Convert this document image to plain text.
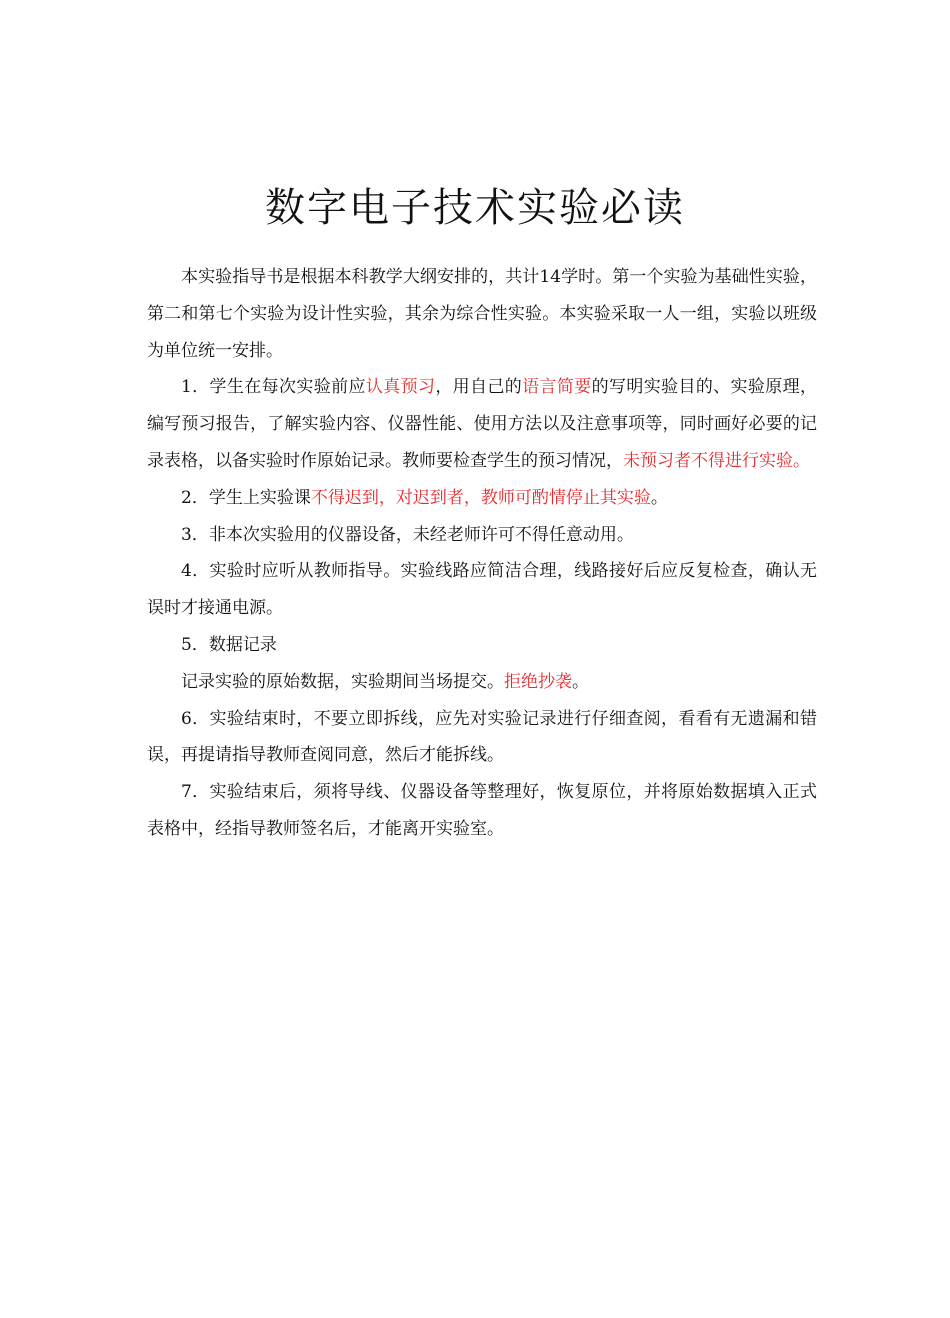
数字电子技术实验必读

本实验指导书是根据本科教学大纲安排的，共计14学时。第一个实验为基础性实验，第二和第七个实验为设计性实验，其余为综合性实验。本实验采取一人一组，实验以班级为单位统一安排。

1．学生在每次实验前应认真预习，用自己的语言简要的写明实验目的、实验原理，编写预习报告，了解实验内容、仪器性能、使用方法以及注意事项等，同时画好必要的记录表格，以备实验时作原始记录。教师要检查学生的预习情况，未预习者不得进行实验。

2．学生上实验课不得迟到，对迟到者，教师可酌情停止其实验。

3．非本次实验用的仪器设备，未经老师许可不得任意动用。

4．实验时应听从教师指导。实验线路应简洁合理，线路接好后应反复检查，确认无误时才接通电源。

5．数据记录

记录实验的原始数据，实验期间当场提交。拒绝抄袭。

6．实验结束时，不要立即拆线，应先对实验记录进行仔细查阅，看看有无遗漏和错误，再提请指导教师查阅同意，然后才能拆线。

7．实验结束后，须将导线、仪器设备等整理好，恢复原位，并将原始数据填入正式表格中，经指导教师签名后，才能离开实验室。
